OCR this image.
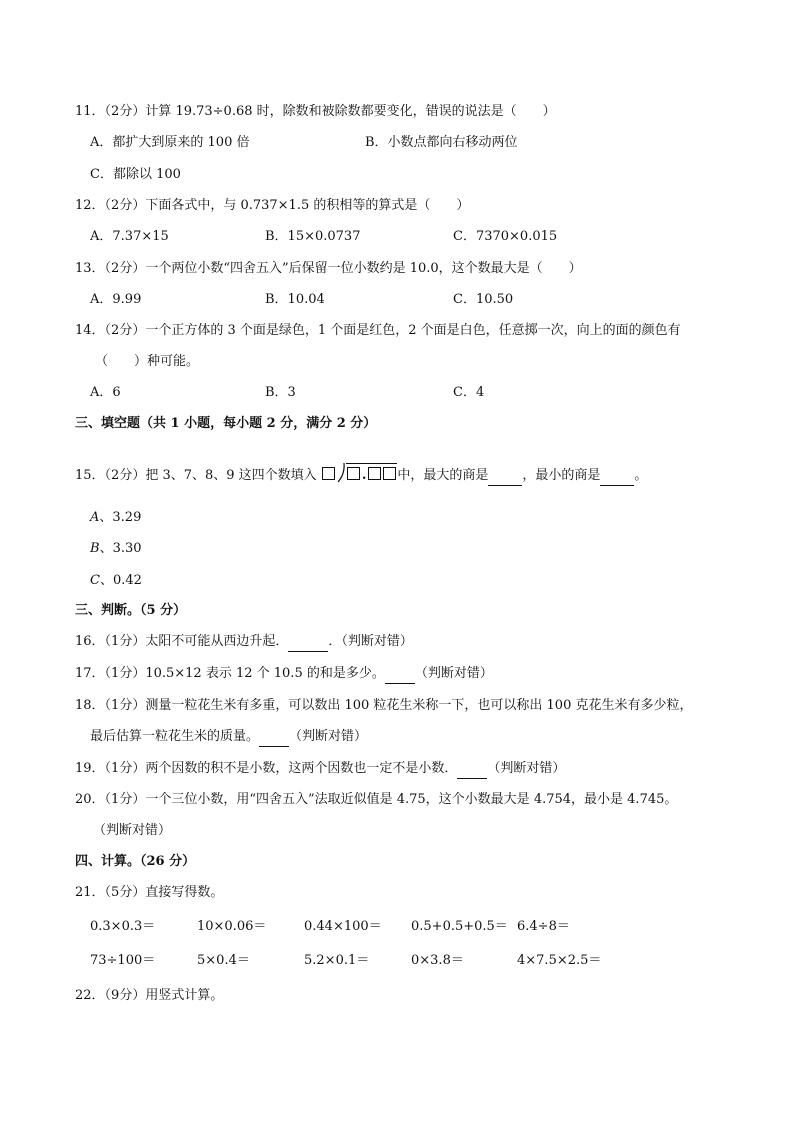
11．（2分）计算 19.73÷0.68 时，除数和被除数都要变化，错误的说法是（　　）
A．都扩大到原来的 100 倍	B．小数点都向右移动两位
C．都除以 100
12．（2分）下面各式中，与 0.737×1.5 的积相等的算式是（　　）
A．7.37×15	B．15×0.0737	C．7370×0.015
13．（2分）一个两位小数“四舍五入”后保留一位小数约是 10.0，这个数最大是（　　）
A．9.99	B．10.04	C．10.50
14．（2分）一个正方体的 3 个面是绿色，1 个面是红色，2 个面是白色，任意掷一次，向上的面的颜色有
（　　）种可能。
A．6	B．3	C．4
三、填空题（共 1 小题，每小题 2 分，满分 2 分）
15．（2分）把 3、7、8、9 这四个数填入	. 中，最大的商是	，最小的商是	。
A、3.29
B、3.30
C、0.42
三、判断。（5 分）
16．（1分）太阳不可能从西边升起．	．（判断对错）
17．（1分）10.5×12 表示 12 个 10.5 的和是多少。 （判断对错）
18．（1分）测量一粒花生米有多重，可以数出 100 粒花生米称一下，也可以称出 100 克花生米有多少粒，
最后估算一粒花生米的质量。 （判断对错）
19．（1分）两个因数的积不是小数，这两个因数也一定不是小数． （判断对错）
20．（1分）一个三位小数，用“四舍五入”法取近似值是 4.75，这个小数最大是 4.754，最小是 4.745。
（判断对错）
四、计算。（26 分）
21．（5分）直接写得数。
0.3×0.3＝	10×0.06＝	0.44×100＝ 0.5+0.5+0.5＝ 6.4÷8＝
73÷100＝	5×0.4＝	5.2×0.1＝	0×3.8＝	4×7.5×2.5＝
22．（9分）用竖式计算。
